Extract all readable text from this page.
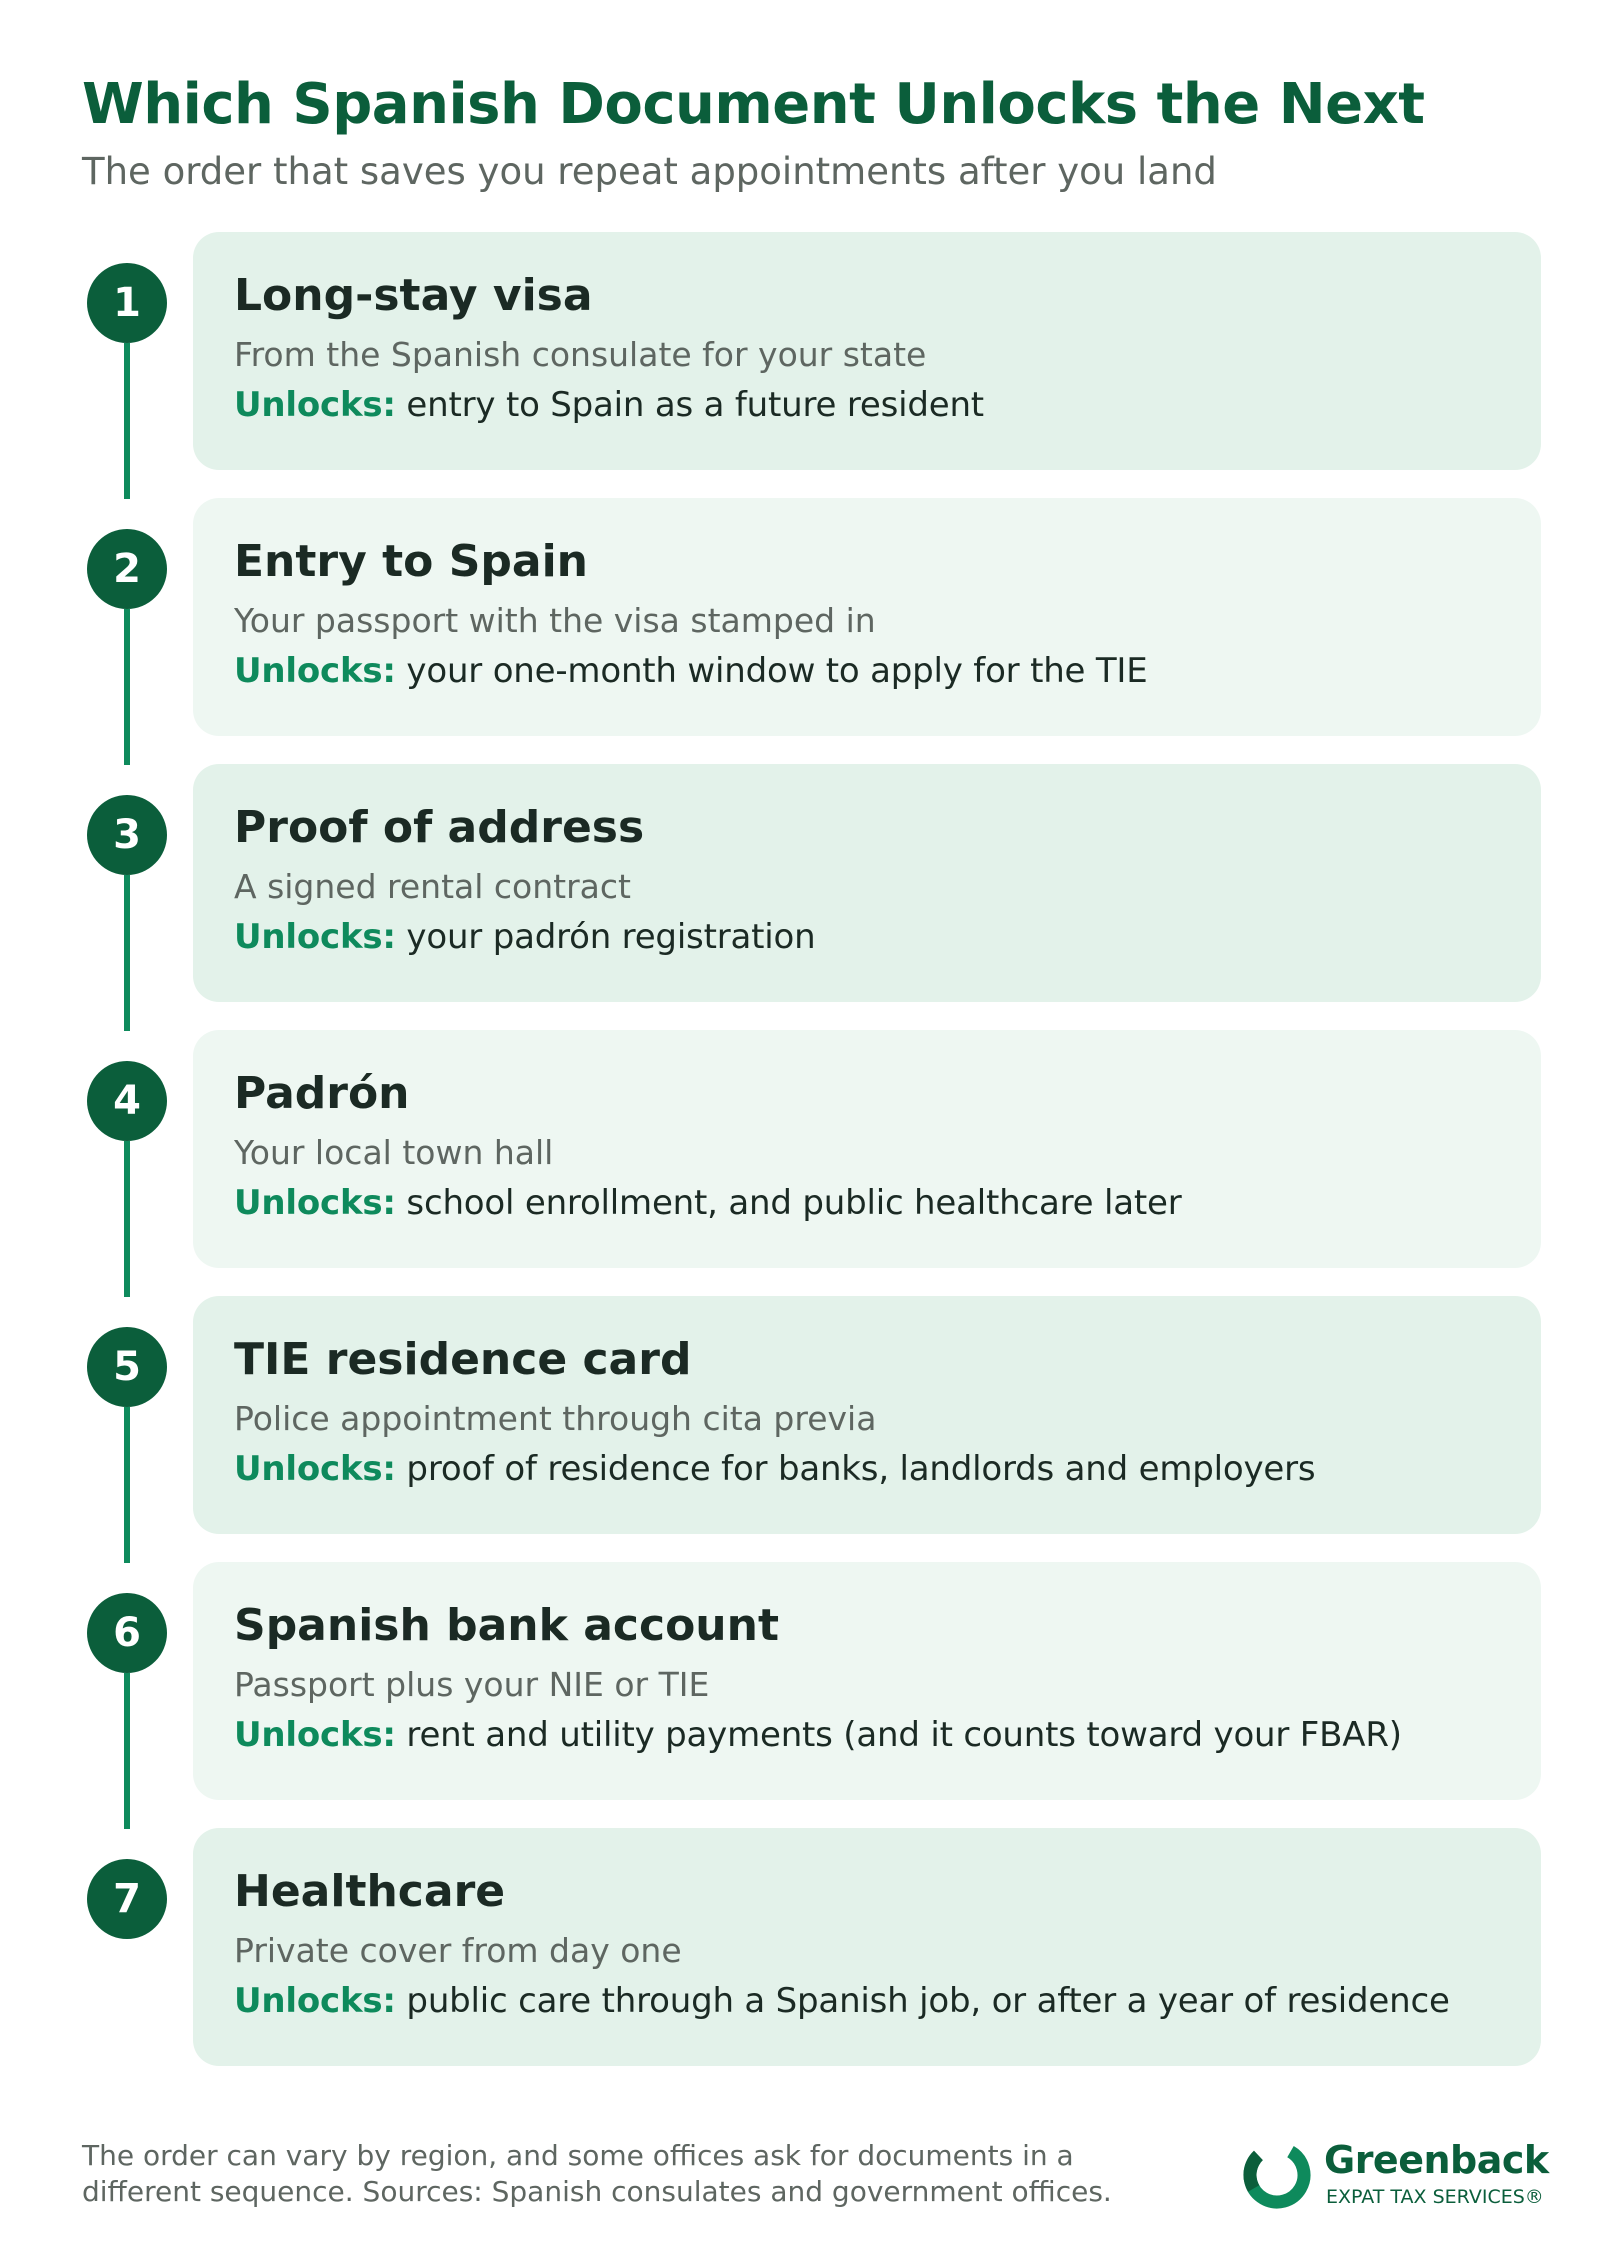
Which Spanish Document Unlocks the Next
The order that saves you repeat appointments after you land
1	Long-stay visa
From the Spanish consulate for your state
Unlocks: entry to Spain as a future resident
2	Entry to Spain
Your passport with the visa stamped in
Unlocks: your one-month window to apply for the TIE
3	Proof of address
A signed rental contract
Unlocks: your padrón registration
4	Padrón
Your local town hall
Unlocks: school enrollment, and public healthcare later
5	TIE residence card
Police appointment through cita previa
Unlocks: proof of residence for banks, landlords and employers
6	Spanish bank account
Passport plus your NIE or TIE
Unlocks: rent and utility payments (and it counts toward your FBAR)
7	Healthcare
Private cover from day one
Unlocks: public care through a Spanish job, or after a year of residence
The order can vary by region, and some offices ask for documents in a different sequence. Sources: Spanish consulates and government offices.
Greenback
EXPAT TAX SERVICES®
